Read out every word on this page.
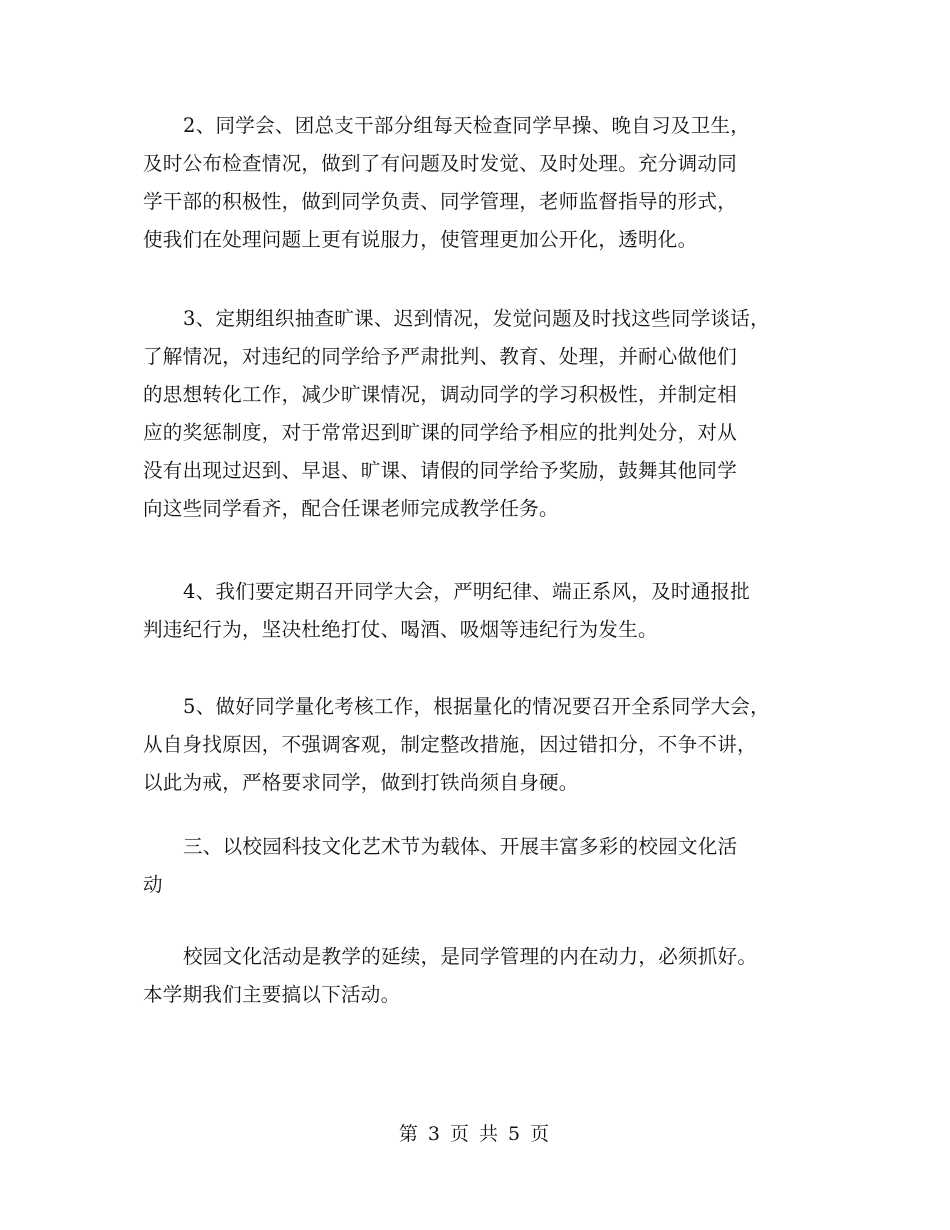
2、同学会、团总支干部分组每天检查同学早操、晚自习及卫生，
及时公布检查情况，做到了有问题及时发觉、及时处理。充分调动同
学干部的积极性，做到同学负责、同学管理，老师监督指导的形式，
使我们在处理问题上更有说服力，使管理更加公开化，透明化。
3、定期组织抽查旷课、迟到情况，发觉问题及时找这些同学谈话，
了解情况，对违纪的同学给予严肃批判、教育、处理，并耐心做他们
的思想转化工作，减少旷课情况，调动同学的学习积极性，并制定相
应的奖惩制度，对于常常迟到旷课的同学给予相应的批判处分，对从
没有出现过迟到、早退、旷课、请假的同学给予奖励，鼓舞其他同学
向这些同学看齐，配合任课老师完成教学任务。
4、我们要定期召开同学大会，严明纪律、端正系风，及时通报批
判违纪行为，坚决杜绝打仗、喝酒、吸烟等违纪行为发生。
5、做好同学量化考核工作，根据量化的情况要召开全系同学大会，
从自身找原因，不强调客观，制定整改措施，因过错扣分，不争不讲，
以此为戒，严格要求同学，做到打铁尚须自身硬。
三、以校园科技文化艺术节为载体、开展丰富多彩的校园文化活
动
校园文化活动是教学的延续，是同学管理的内在动力，必须抓好。
本学期我们主要搞以下活动。
第 3 页 共 5 页
